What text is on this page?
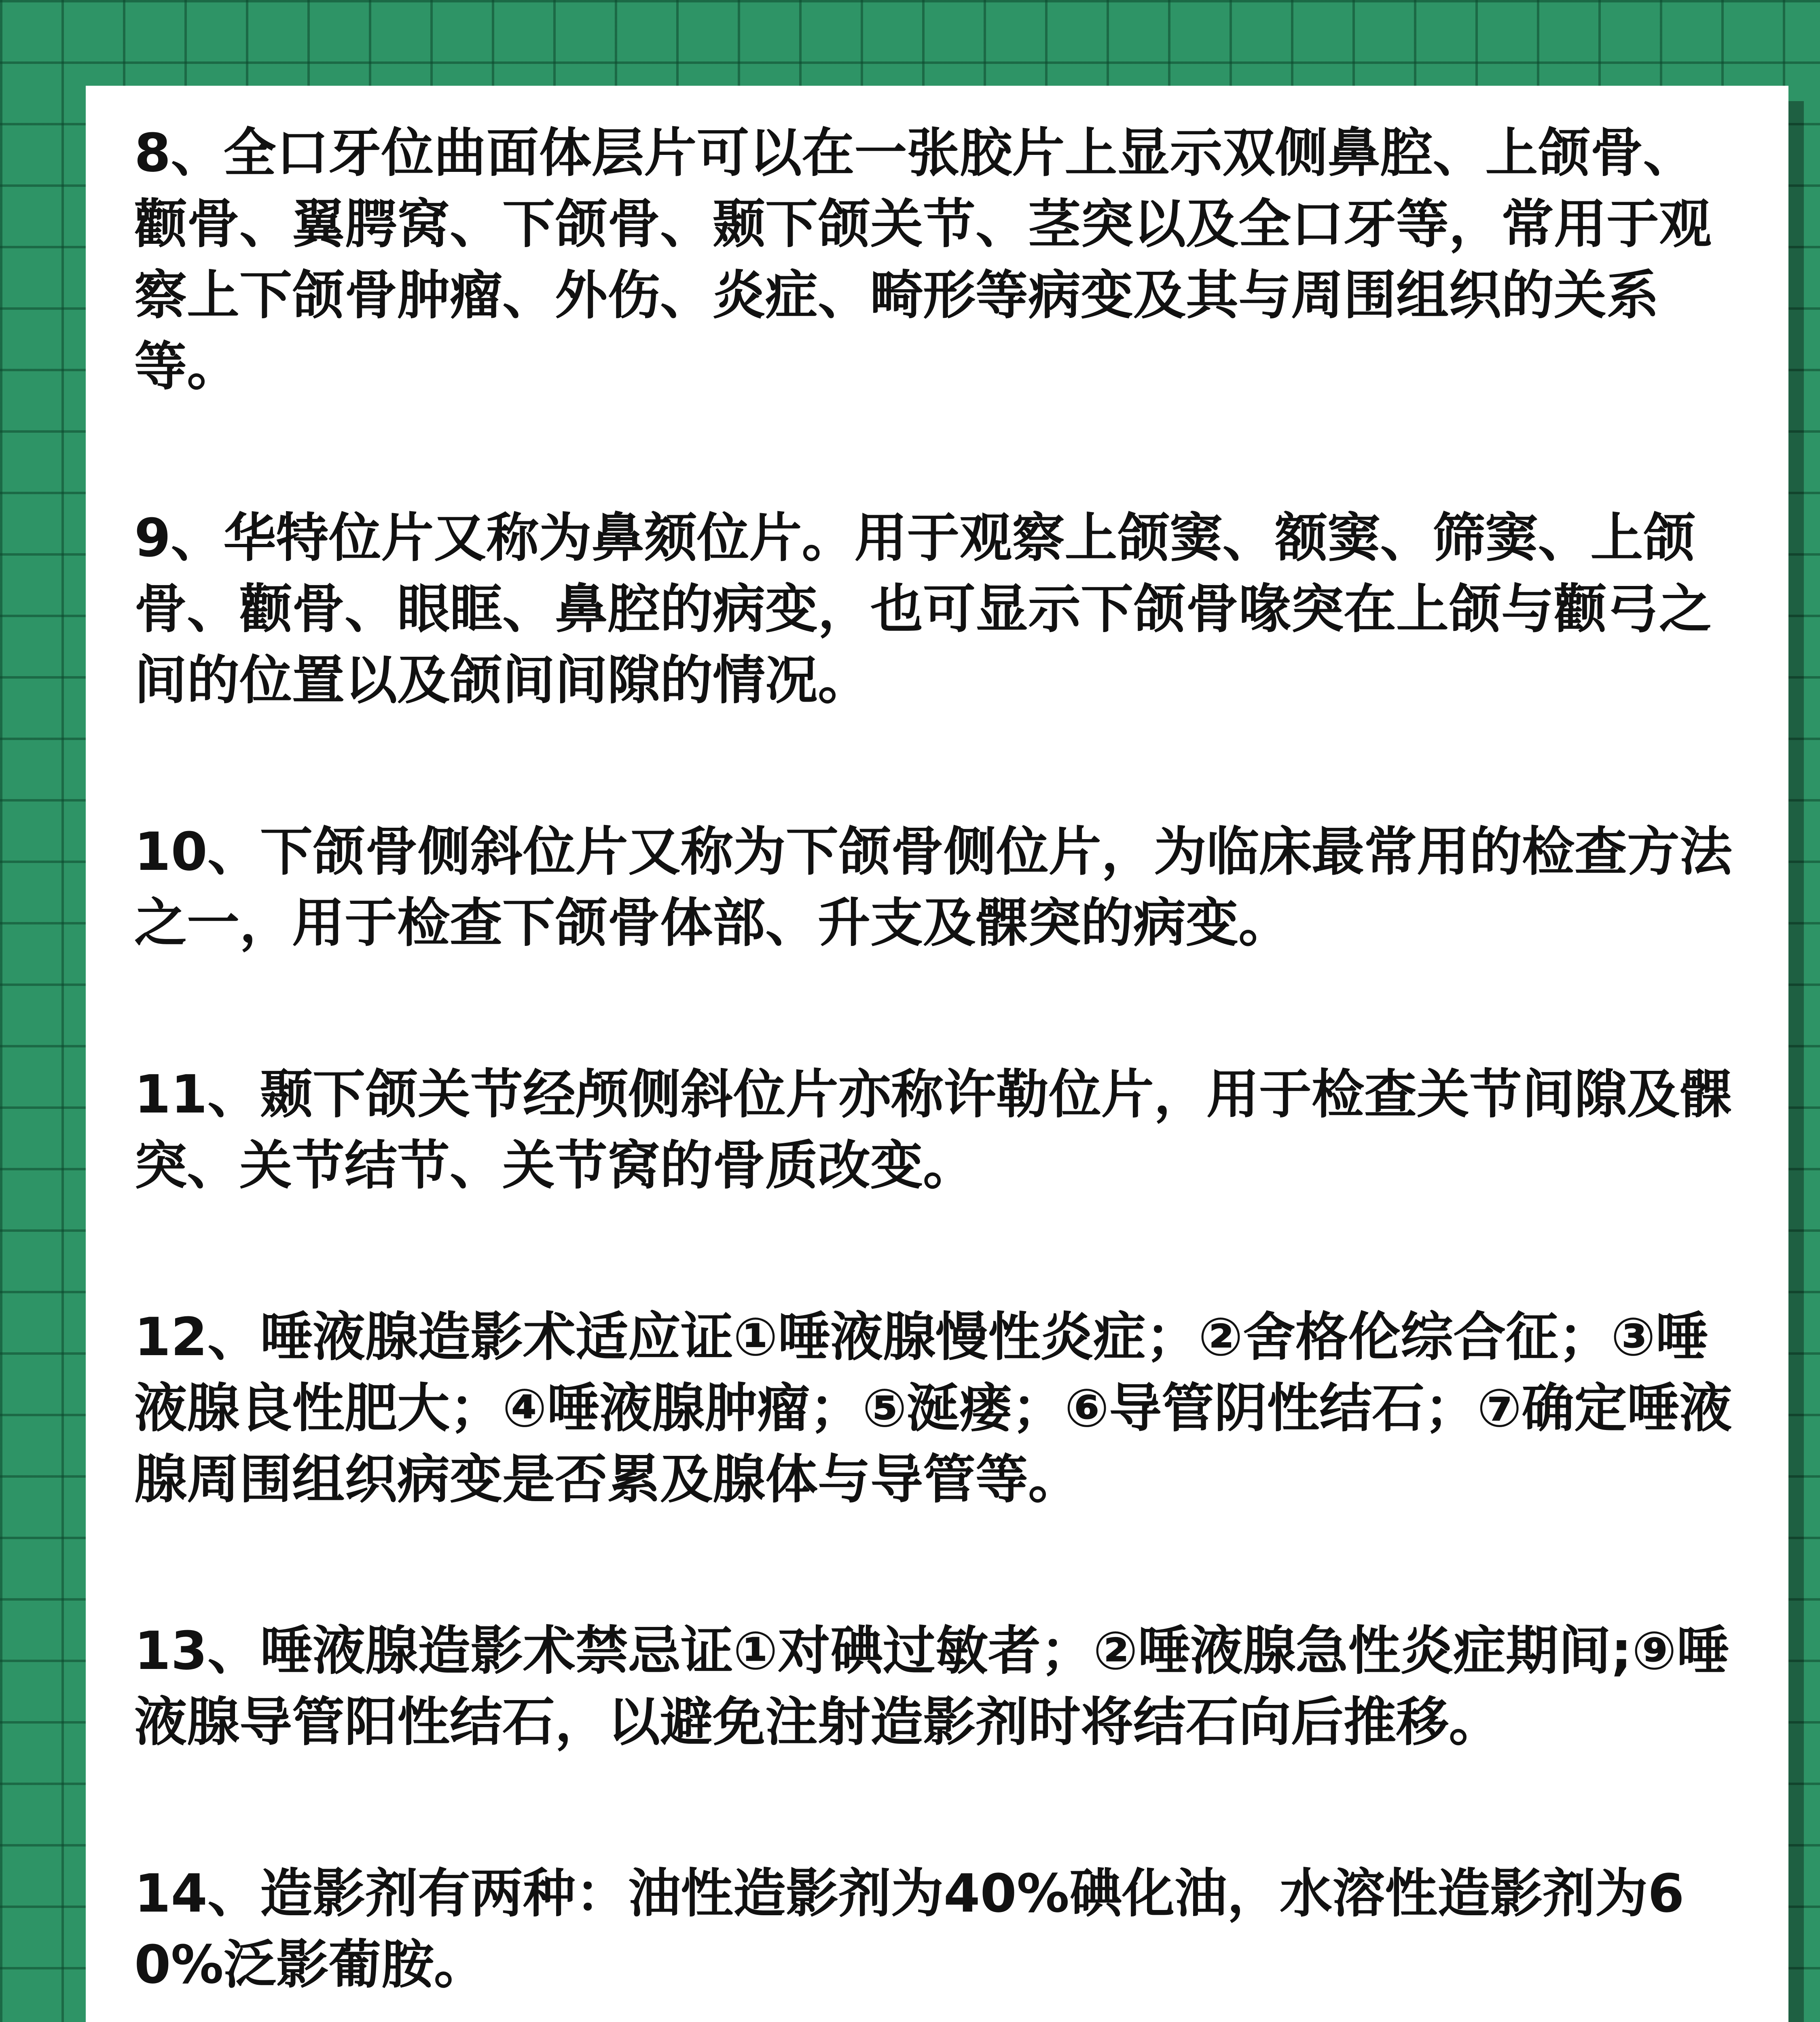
8、全口牙位曲面体层片可以在一张胶片上显示双侧鼻腔、上颌骨、颧骨、翼腭窝、下颌骨、颞下颌关节、茎突以及全口牙等，常用于观察上下颌骨肿瘤、外伤、炎症、畸形等病变及其与周围组织的关系等。

9、华特位片又称为鼻颏位片。用于观察上颌窦、额窦、筛窦、上颌骨、颧骨、眼眶、鼻腔的病变，也可显示下颌骨喙突在上颌与颧弓之间的位置以及颌间间隙的情况。

10、下颌骨侧斜位片又称为下颌骨侧位片，为临床最常用的检查方法之一，用于检查下颌骨体部、升支及髁突的病变。

11、颞下颌关节经颅侧斜位片亦称许勒位片，用于检查关节间隙及髁突、关节结节、关节窝的骨质改变。

12、唾液腺造影术适应证①唾液腺慢性炎症；②舍格伦综合征；③唾液腺良性肥大；④唾液腺肿瘤；⑤涎瘘；⑥导管阴性结石；⑦确定唾液腺周围组织病变是否累及腺体与导管等。

13、唾液腺造影术禁忌证①对碘过敏者；②唾液腺急性炎症期间;⑨唾液腺导管阳性结石，以避免注射造影剂时将结石向后推移。

14、造影剂有两种：油性造影剂为40%碘化油，水溶性造影剂为60%泛影葡胺。
